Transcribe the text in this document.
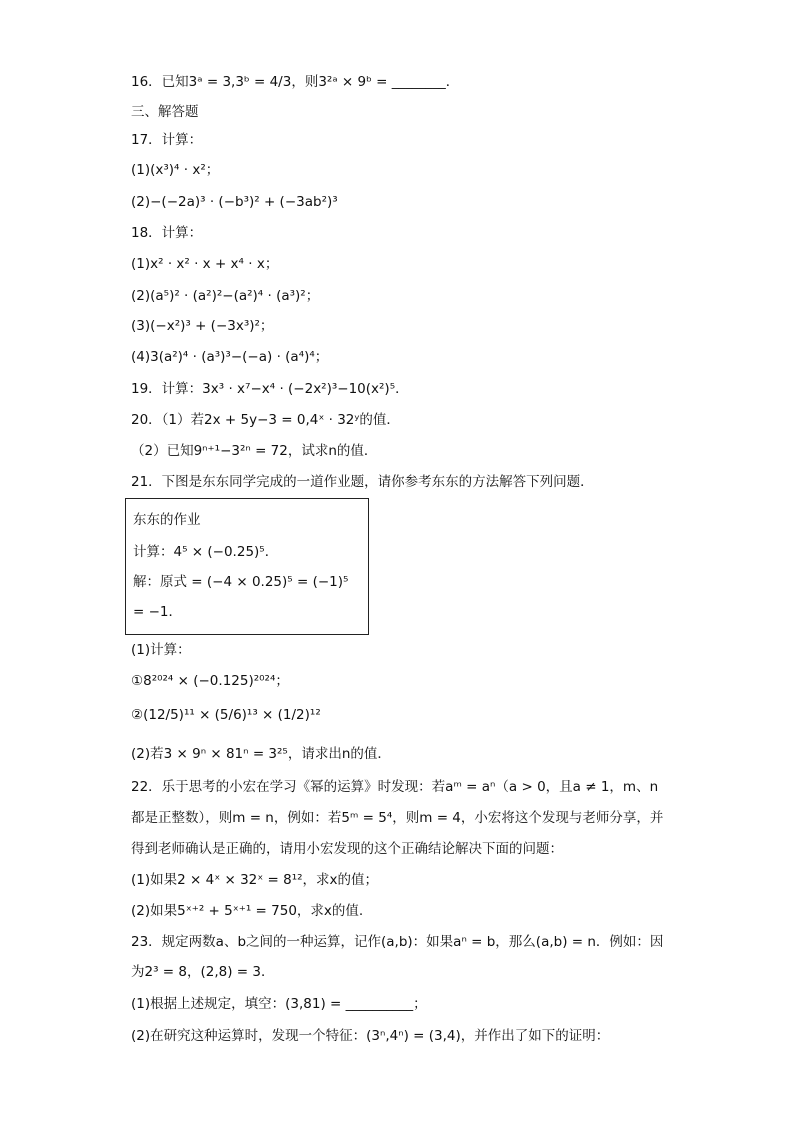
16．已知3ᵃ = 3,3ᵇ = 4/3，则3²ᵃ × 9ᵇ = ________．
三、解答题
17．计算：
(1)(x³)⁴ · x²；
(2)−(−2a)³ · (−b³)² + (−3ab²)³
18．计算：
(1)x² · x² · x + x⁴ · x；
(2)(a⁵)² · (a²)²−(a²)⁴ · (a³)²；
(3)(−x²)³ + (−3x³)²；
(4)3(a²)⁴ · (a³)³−(−a) · (a⁴)⁴；
19．计算：3x³ · x⁷−x⁴ · (−2x²)³−10(x²)⁵．
20．（1）若2x + 5y−3 = 0,4ˣ · 32ʸ的值．
（2）已知9ⁿ⁺¹−3²ⁿ = 72，试求n的值．
21．下图是东东同学完成的一道作业题，请你参考东东的方法解答下列问题．
东东的作业
计算：4⁵ × (−0.25)⁵．
解：原式 = (−4 × 0.25)⁵ = (−1)⁵
= −1．
(1)计算：
①8²⁰²⁴ × (−0.125)²⁰²⁴；
②(12/5)¹¹ × (5/6)¹³ × (1/2)¹²
(2)若3 × 9ⁿ × 81ⁿ = 3²⁵，请求出n的值．
22．乐于思考的小宏在学习《幂的运算》时发现：若aᵐ = aⁿ（a > 0，且a ≠ 1，m、n
都是正整数），则m = n，例如：若5ᵐ = 5⁴，则m = 4，小宏将这个发现与老师分享，并
得到老师确认是正确的，请用小宏发现的这个正确结论解决下面的问题：
(1)如果2 × 4ˣ × 32ˣ = 8¹²，求x的值；
(2)如果5ˣ⁺² + 5ˣ⁺¹ = 750，求x的值.
23．规定两数a、b之间的一种运算，记作(a,b)：如果aⁿ = b，那么(a,b) = n．例如：因
为2³ = 8，(2,8) = 3．
(1)根据上述规定，填空：(3,81) = __________；
(2)在研究这种运算时，发现一个特征：(3ⁿ,4ⁿ) = (3,4)，并作出了如下的证明：
